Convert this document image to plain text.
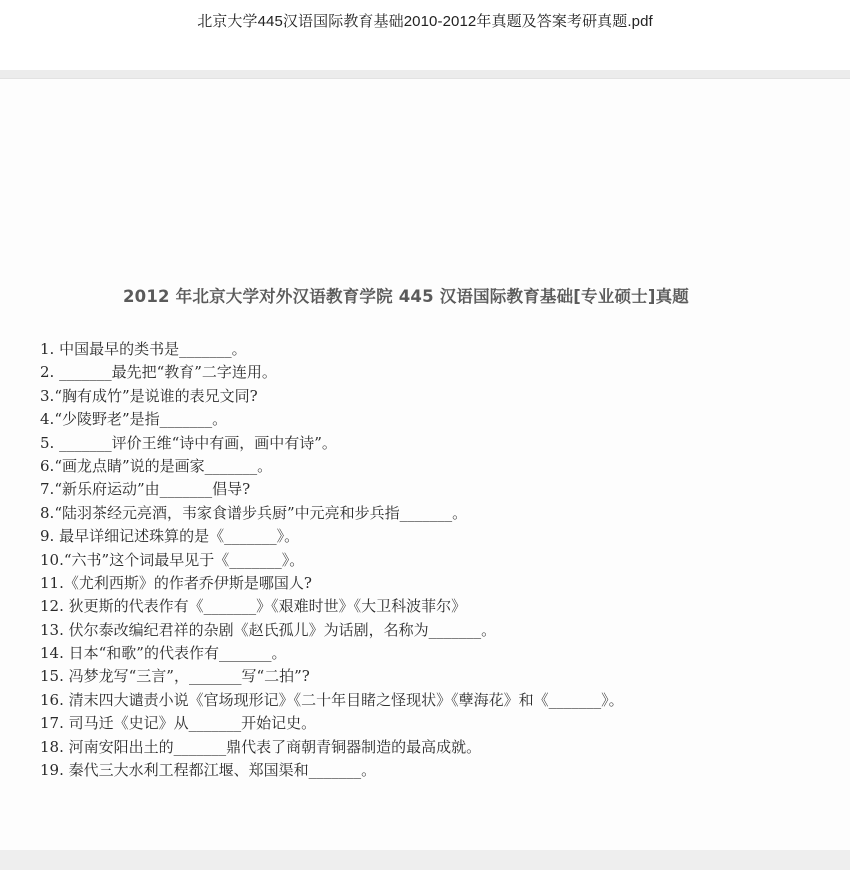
北京大学445汉语国际教育基础2010-2012年真题及答案考研真题.pdf
2012 年北京大学对外汉语教育学院 445 汉语国际教育基础[专业硕士]真题
1. 中国最早的类书是_______。
2. _______最先把“教育”二字连用。
3.“胸有成竹”是说谁的表兄文同?
4.“少陵野老”是指_______。
5. _______评价王维“诗中有画，画中有诗”。
6.“画龙点睛”说的是画家_______。
7.“新乐府运动”由_______倡导?
8.“陆羽茶经元亮酒，韦家食谱步兵厨”中元亮和步兵指_______。
9. 最早详细记述珠算的是《_______》。
10.“六书”这个词最早见于《_______》。
11.《尤利西斯》的作者乔伊斯是哪国人?
12. 狄更斯的代表作有《_______》《艰难时世》《大卫科波菲尔》
13. 伏尔泰改编纪君祥的杂剧《赵氏孤儿》为话剧，名称为_______。
14. 日本“和歌”的代表作有_______。
15. 冯梦龙写“三言”，_______写“二拍”?
16. 清末四大谴责小说《官场现形记》《二十年目睹之怪现状》《孽海花》和《_______》。
17. 司马迁《史记》从_______开始记史。
18. 河南安阳出土的_______鼎代表了商朝青铜器制造的最高成就。
19. 秦代三大水利工程都江堰、郑国渠和_______。
